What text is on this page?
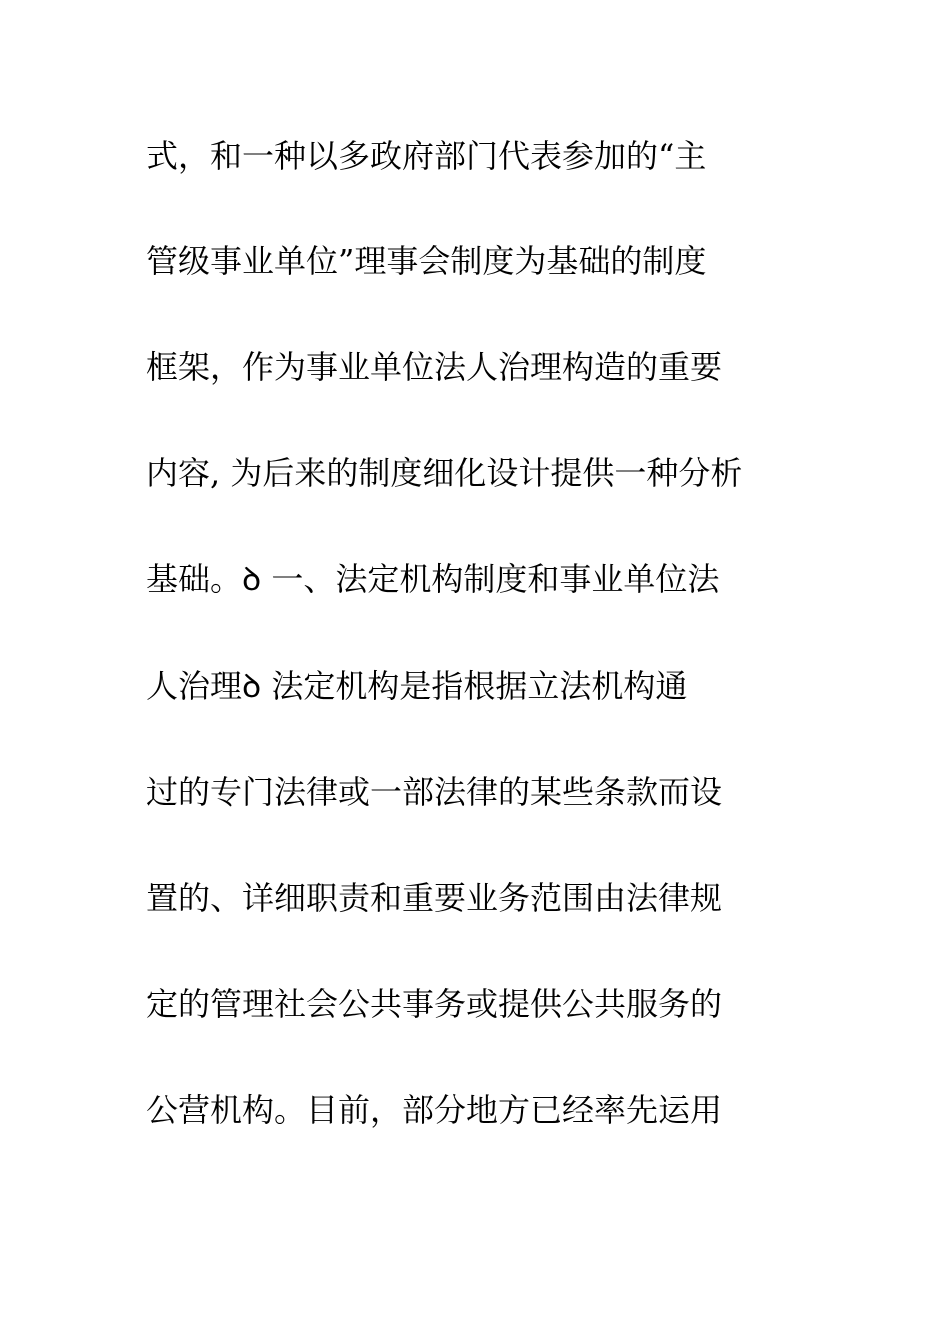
式，和一种以多政府部门代表参加的“主
管级事业单位”理事会制度为基础的制度
框架，作为事业单位法人治理构造的重要
内容, 为后来的制度细化设计提供一种分析
基础。ꝺ 一、法定机构制度和事业单位法
人治理ꝺ 法定机构是指根据立法机构通
过的专门法律或一部法律的某些条款而设
置的、详细职责和重要业务范围由法律规
定的管理社会公共事务或提供公共服务的
公营机构。目前，部分地方已经率先运用
